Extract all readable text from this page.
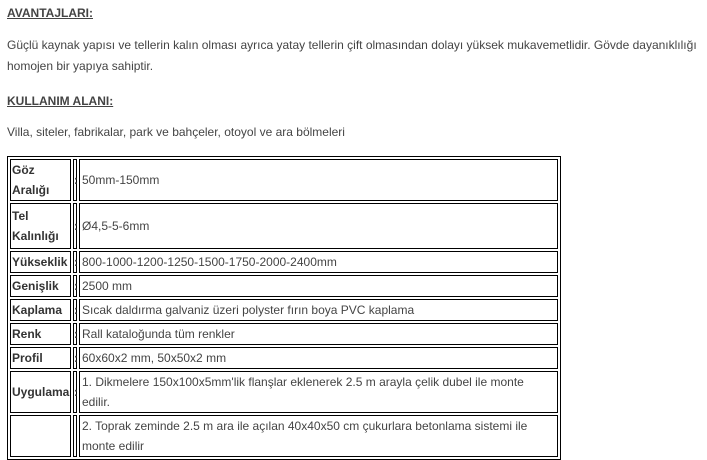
AVANTAJLARI:
Güçlü kaynak yapısı ve tellerin kalın olması ayrıca yatay tellerin çift olmasından dolayı yüksek mukavemetlidir. Gövde dayanıklılığı homojen bir yapıya sahiptir.
KULLANIM ALANI:
Villa, siteler, fabrikalar, park ve bahçeler, otoyol ve ara bölmeleri
Göz Aralığı	:	50mm-150mm
Tel Kalınlığı	:	Ø4,5-5-6mm
Yükseklik	:	800-1000-1200-1250-1500-1750-2000-2400mm
Genişlik	:	2500 mm
Kaplama	:	Sıcak daldırma galvaniz üzeri polyster fırın boya PVC kaplama
Renk	:	Rall kataloğunda tüm renkler
Profil	:	60x60x2 mm, 50x50x2 mm
Uygulama	:	1. Dikmelere 150x100x5mm'lik flanşlar eklenerek 2.5 m arayla çelik dubel ile monte edilir.
		2. Toprak zeminde 2.5 m ara ile açılan 40x40x50 cm çukurlara betonlama sistemi ile monte edilir
